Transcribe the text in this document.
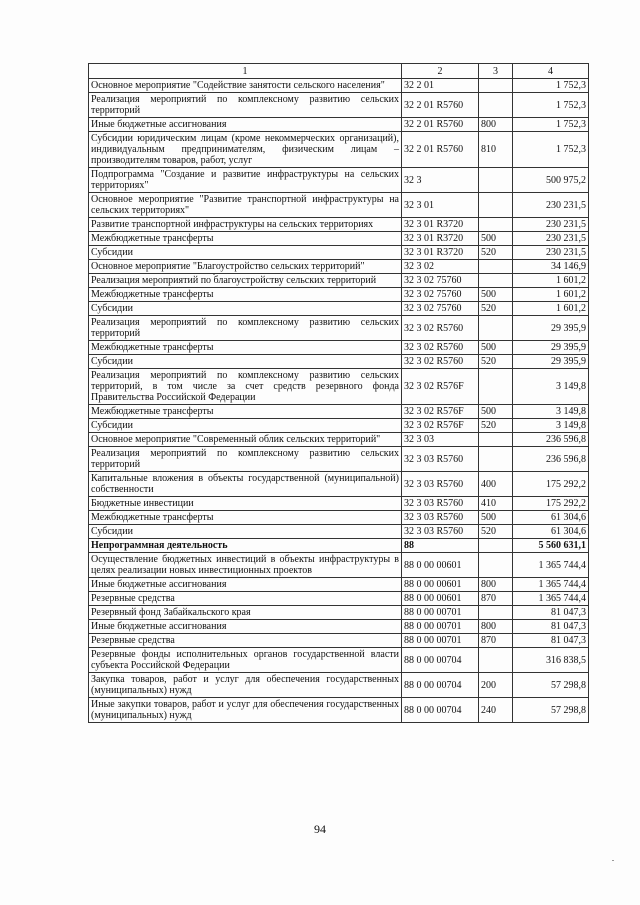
1	2	3	4
Основное мероприятие "Содействие занятости сельского населения"	32 2 01		1 752,3
Реализация мероприятий по комплексному развитию сельских территорий	32 2 01 R5760		1 752,3
Иные бюджетные ассигнования	32 2 01 R5760	800	1 752,3
Субсидии юридическим лицам (кроме некоммерческих организаций), индивидуальным предпринимателям, физическим лицам – производителям товаров, работ, услуг	32 2 01 R5760	810	1 752,3
Подпрограмма "Создание и развитие инфраструктуры на сельских территориях"	32 3		500 975,2
Основное мероприятие "Развитие транспортной инфраструктуры на сельских территориях"	32 3 01		230 231,5
Развитие транспортной инфраструктуры на сельских территориях	32 3 01 R3720		230 231,5
Межбюджетные трансферты	32 3 01 R3720	500	230 231,5
Субсидии	32 3 01 R3720	520	230 231,5
Основное мероприятие "Благоустройство сельских территорий"	32 3 02		34 146,9
Реализация мероприятий по благоустройству сельских территорий	32 3 02 75760		1 601,2
Межбюджетные трансферты	32 3 02 75760	500	1 601,2
Субсидии	32 3 02 75760	520	1 601,2
Реализация мероприятий по комплексному развитию сельских территорий	32 3 02 R5760		29 395,9
Межбюджетные трансферты	32 3 02 R5760	500	29 395,9
Субсидии	32 3 02 R5760	520	29 395,9
Реализация мероприятий по комплексному развитию сельских территорий, в том числе за счет средств резервного фонда Правительства Российской Федерации	32 3 02 R576F		3 149,8
Межбюджетные трансферты	32 3 02 R576F	500	3 149,8
Субсидии	32 3 02 R576F	520	3 149,8
Основное мероприятие "Современный облик сельских территорий"	32 3 03		236 596,8
Реализация мероприятий по комплексному развитию сельских территорий	32 3 03 R5760		236 596,8
Капитальные вложения в объекты государственной (муниципальной) собственности	32 3 03 R5760	400	175 292,2
Бюджетные инвестиции	32 3 03 R5760	410	175 292,2
Межбюджетные трансферты	32 3 03 R5760	500	61 304,6
Субсидии	32 3 03 R5760	520	61 304,6
Непрограммная деятельность	88		5 560 631,1
Осуществление бюджетных инвестиций в объекты инфраструктуры в целях реализации новых инвестиционных проектов	88 0 00 00601		1 365 744,4
Иные бюджетные ассигнования	88 0 00 00601	800	1 365 744,4
Резервные средства	88 0 00 00601	870	1 365 744,4
Резервный фонд Забайкальского края	88 0 00 00701		81 047,3
Иные бюджетные ассигнования	88 0 00 00701	800	81 047,3
Резервные средства	88 0 00 00701	870	81 047,3
Резервные фонды исполнительных органов государственной власти субъекта Российской Федерации	88 0 00 00704		316 838,5
Закупка товаров, работ и услуг для обеспечения государственных (муниципальных) нужд	88 0 00 00704	200	57 298,8
Иные закупки товаров, работ и услуг для обеспечения государственных (муниципальных) нужд	88 0 00 00704	240	57 298,8
94
